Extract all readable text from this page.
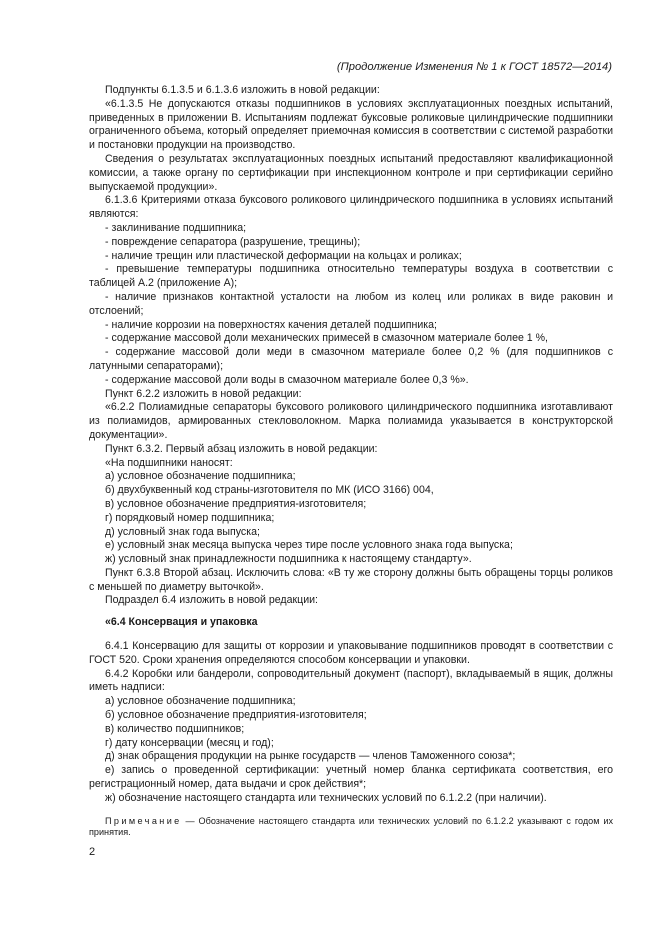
(Продолжение Изменения № 1 к ГОСТ 18572—2014)

Подпункты 6.1.3.5 и 6.1.3.6 изложить в новой редакции:

«6.1.3.5 Не допускаются отказы подшипников в условиях эксплуатационных поездных испытаний, приведенных в приложении В. Испытаниям подлежат буксовые роликовые цилиндрические подшипники ограниченного объема, который определяет приемочная комиссия в соответствии с системой разработки и постановки продукции на производство.

Сведения о результатах эксплуатационных поездных испытаний предоставляют квалификационной комиссии, а также органу по сертификации при инспекционном контроле и при сертификации серийно выпускаемой продукции».

6.1.3.6 Критериями отказа буксового роликового цилиндрического подшипника в условиях испытаний являются:

- заклинивание подшипника;

- повреждение сепаратора (разрушение, трещины);

- наличие трещин или пластической деформации на кольцах и роликах;

- превышение температуры подшипника относительно температуры воздуха в соответствии с таблицей А.2 (приложение А);

- наличие признаков контактной усталости на любом из колец или роликах в виде раковин и отслоений;

- наличие коррозии на поверхностях качения деталей подшипника;

- содержание массовой доли механических примесей в смазочном материале более 1 %,

- содержание массовой доли меди в смазочном материале более 0,2 % (для подшипников с латунными сепараторами);

- содержание массовой доли воды в смазочном материале более 0,3 %».

Пункт 6.2.2 изложить в новой редакции:

«6.2.2 Полиамидные сепараторы буксового роликового цилиндрического подшипника изготавливают из полиамидов, армированных стекловолокном. Марка полиамида указывается в конструкторской документации».

Пункт 6.3.2. Первый абзац изложить в новой редакции:

«На подшипники наносят:

а) условное обозначение подшипника;

б) двухбуквенный код страны-изготовителя по МК (ИСО 3166) 004,

в) условное обозначение предприятия-изготовителя;

г) порядковый номер подшипника;

д) условный знак года выпуска;

е) условный знак месяца выпуска через тире после условного знака года выпуска;

ж) условный знак принадлежности подшипника к настоящему стандарту».

Пункт 6.3.8 Второй абзац. Исключить слова: «В ту же сторону должны быть обращены торцы роликов с меньшей по диаметру выточкой».

Подраздел 6.4 изложить в новой редакции:

«6.4 Консервация и упаковка

6.4.1 Консервацию для защиты от коррозии и упаковывание подшипников проводят в соответствии с ГОСТ 520. Сроки хранения определяются способом консервации и упаковки.

6.4.2 Коробки или бандероли, сопроводительный документ (паспорт), вкладываемый в ящик, должны иметь надписи:

а) условное обозначение подшипника;

б) условное обозначение предприятия-изготовителя;

в) количество подшипников;

г) дату консервации (месяц и год);

д) знак обращения продукции на рынке государств — членов Таможенного союза*;

е) запись о проведенной сертификации: учетный номер бланка сертификата соответствия, его регистрационный номер, дата выдачи и срок действия*;

ж) обозначение настоящего стандарта или технических условий по 6.1.2.2 (при наличии).

Примечание — Обозначение настоящего стандарта или технических условий по 6.1.2.2 указывают с годом их принятия.

2
